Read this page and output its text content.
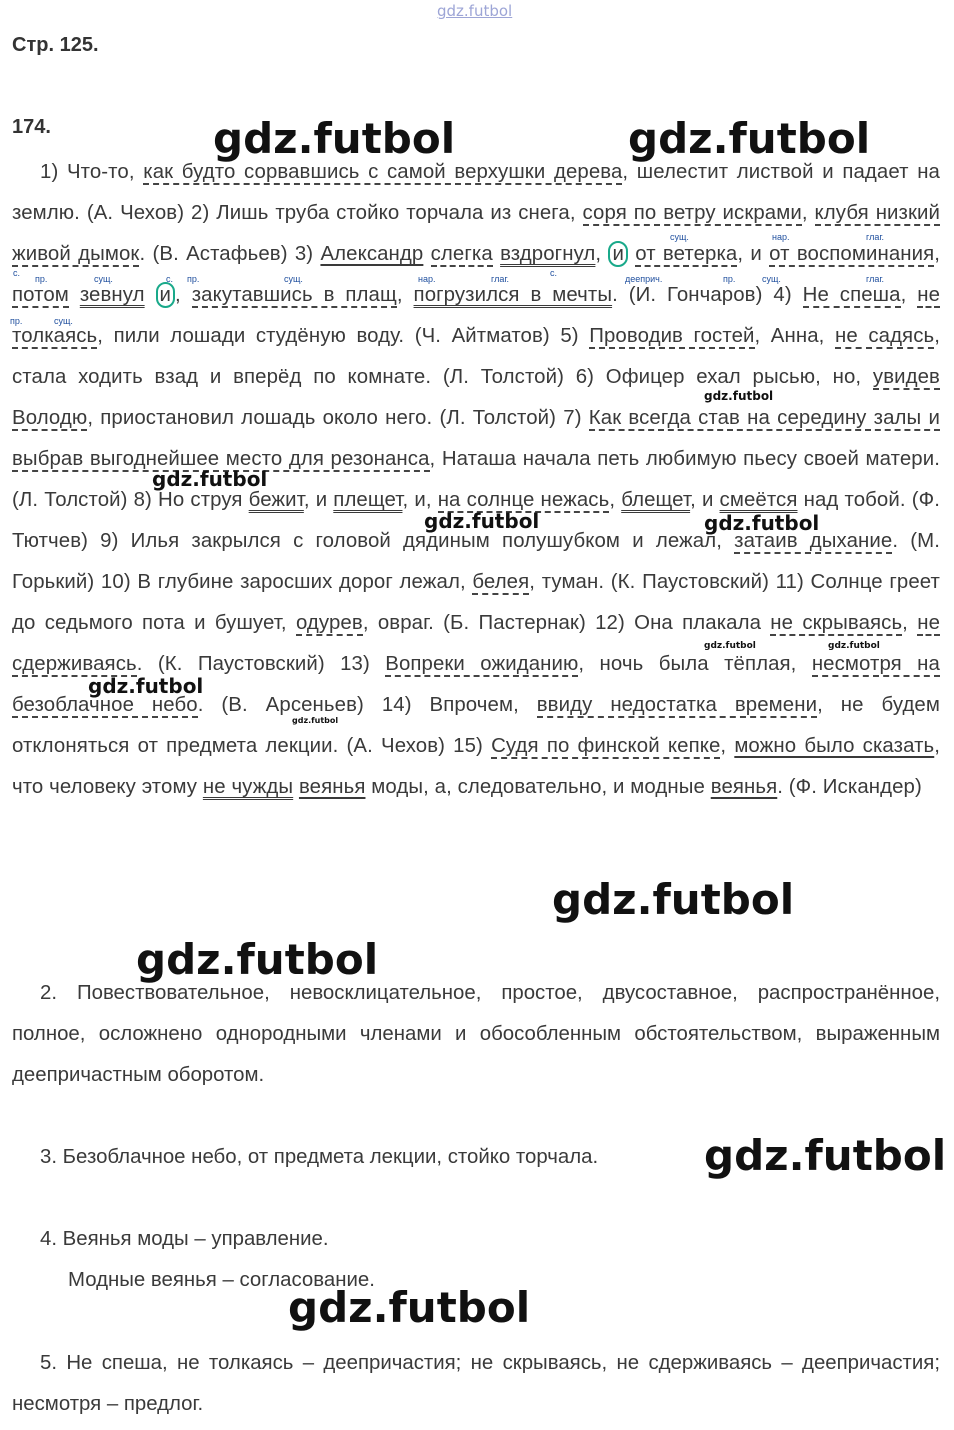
gdz.futbol
Стр. 125.
174.
1) Что-то, как будто сорвавшись с самой верхушки дерева, шелестит листвой и падает на землю. (А. Чехов) 2) Лишь труба стойко торчала из снега, соря по ветру искрами, клубя низкий живой дымок. (В. Астафьев) 3) Александр слегка вздрогнул, и от ветерка, и от воспоминания, потом зевнул и , закутавшись в плащ, погрузился в мечты. (И. Гончаров) 4) Не спеша, не толкаясь, пили лошади студёную воду. (Ч. Айтматов) 5) Проводив гостей, Анна, не садясь, стала ходить взад и вперёд по комнате. (Л. Толстой) 6) Офицер ехал рысью, но, увидев Володю, приостановил лошадь около него. (Л. Толстой) 7) Как всегда став на середину залы и выбрав выгоднейшее место для резонанса, Наташа начала петь любимую пьесу своей матери. (Л. Толстой) 8) Но струя бежит, и плещет, и, на солнце нежась, блещет, и смеётся над тобой. (Ф. Тютчев) 9) Илья закрылся с головой дядиным полушубком и лежал, затаив дыхание. (М. Горький) 10) В глубине заросших дорог лежал, белея, туман. (К. Паустовский) 11) Солнце греет до седьмого пота и бушует, одурев, овраг. (Б. Пастернак) 12) Она плакала не скрываясь, не сдерживаясь. (К. Паустовский) 13) Вопреки ожиданию, ночь была тёплая, несмотря на безоблачное небо. (В. Арсеньев) 14) Впрочем, ввиду недостатка времени, не будем отклоняться от предмета лекции. (А. Чехов) 15) Судя по финской кепке, можно было сказать, что человеку этому не чужды веянья моды, а, следовательно, и модные веянья. (Ф. Искандер)
сущ.	нар.	глаг.
с.
пр.	сущ.	с. пр.	сущ.	нар.	глаг.
с.
дееприч.	пр.	сущ.	глаг.
пр.	сущ.
2. Повествовательное, невосклицательное, простое, двусоставное, распространённое, полное, осложнено однородными членами и обособленным обстоятельством, выраженным деепричастным оборотом.
3. Безоблачное небо, от предмета лекции, стойко торчала.
4. Веянья моды – управление.
Модные веянья – согласование.
5. Не спеша, не толкаясь – деепричастия; не скрываясь, не сдерживаясь – деепричастия; несмотря – предлог.
gdz.futbol	gdz.futbol
gdz.futbol
gdz.futbol
gdz.futbol	gdz.futbol
gdz.futbol	gdz.futbol
gdz.futbol
gdz.futbol
gdz.futbol
gdz.futbol
gdz.futbol
gdz.futbol
